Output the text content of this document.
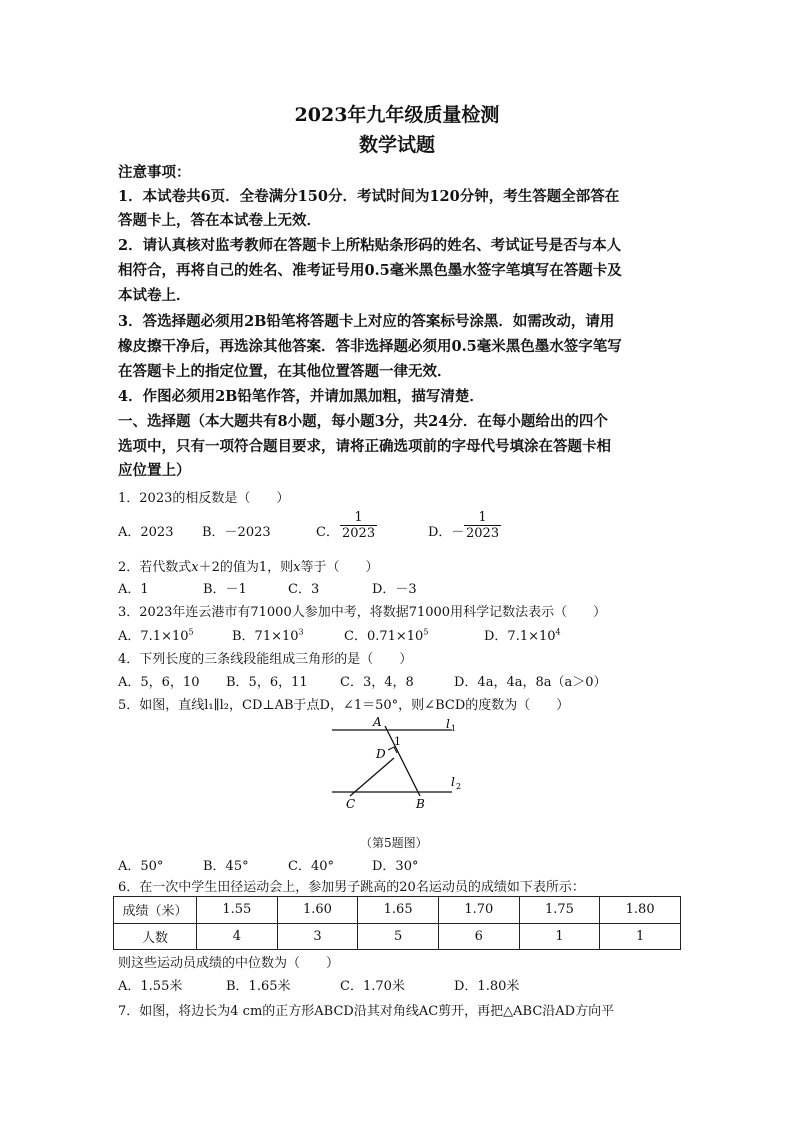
2023年九年级质量检测
数学试题
注意事项：
1．本试卷共6页．全卷满分150分．考试时间为120分钟，考生答题全部答在
答题卡上，答在本试卷上无效．
2．请认真核对监考教师在答题卡上所粘贴条形码的姓名、考试证号是否与本人
相符合，再将自己的姓名、准考证号用0.5毫米黑色墨水签字笔填写在答题卡及
本试卷上．
3．答选择题必须用2B铅笔将答题卡上对应的答案标号涂黑．如需改动，请用
橡皮擦干净后，再选涂其他答案．答非选择题必须用0.5毫米黑色墨水签字笔写
在答题卡上的指定位置，在其他位置答题一律无效．
4．作图必须用2B铅笔作答，并请加黑加粗，描写清楚．
一、选择题（本大题共有8小题，每小题3分，共24分．在每小题给出的四个
选项中，只有一项符合题目要求，请将正确选项前的字母代号填涂在答题卡相
应位置上）
1．2023的相反数是（　　）
A．2023 B．－2023	C． $\frac{1}{2023}$	D．－ $\frac{1}{2023}$
2．若代数式x＋2的值为1，则x等于（　　）
A．1	B．－1	C．3	D．－3
3．2023年连云港市有71000人参加中考，将数据71000用科学记数法表示（　　）
A．$7.1\times 10^5$	B．$71\times 10^3$	C．$0.71\times 10^5$	D．$7.1\times 10^4$
4．下列长度的三条线段能组成三角形的是（　　）
A．5，6，10 B．5，6，11 C．3，4，8	D．4a，4a，8a（a＞0）
5．如图，直线l₁∥l₂，CD⊥AB于点D，∠1＝50°，则∠BCD的度数为（　　）
A
1
D
C	B
l 1
l 2
（第5题图）
A．50°	B．45°	C．40°	D．30°
6．在一次中学生田径运动会上，参加男子跳高的20名运动员的成绩如下表所示：
成绩（米）	1.55	1.60	1.65	1.70	1.75	1.80
人数	4	3	5	6	1	1
则这些运动员成绩的中位数为（　　）
A．1.55米	B．1.65米	C．1.70米	D．1.80米
7．如图，将边长为4 cm的正方形ABCD沿其对角线AC剪开，再把△ABC沿AD方向平
